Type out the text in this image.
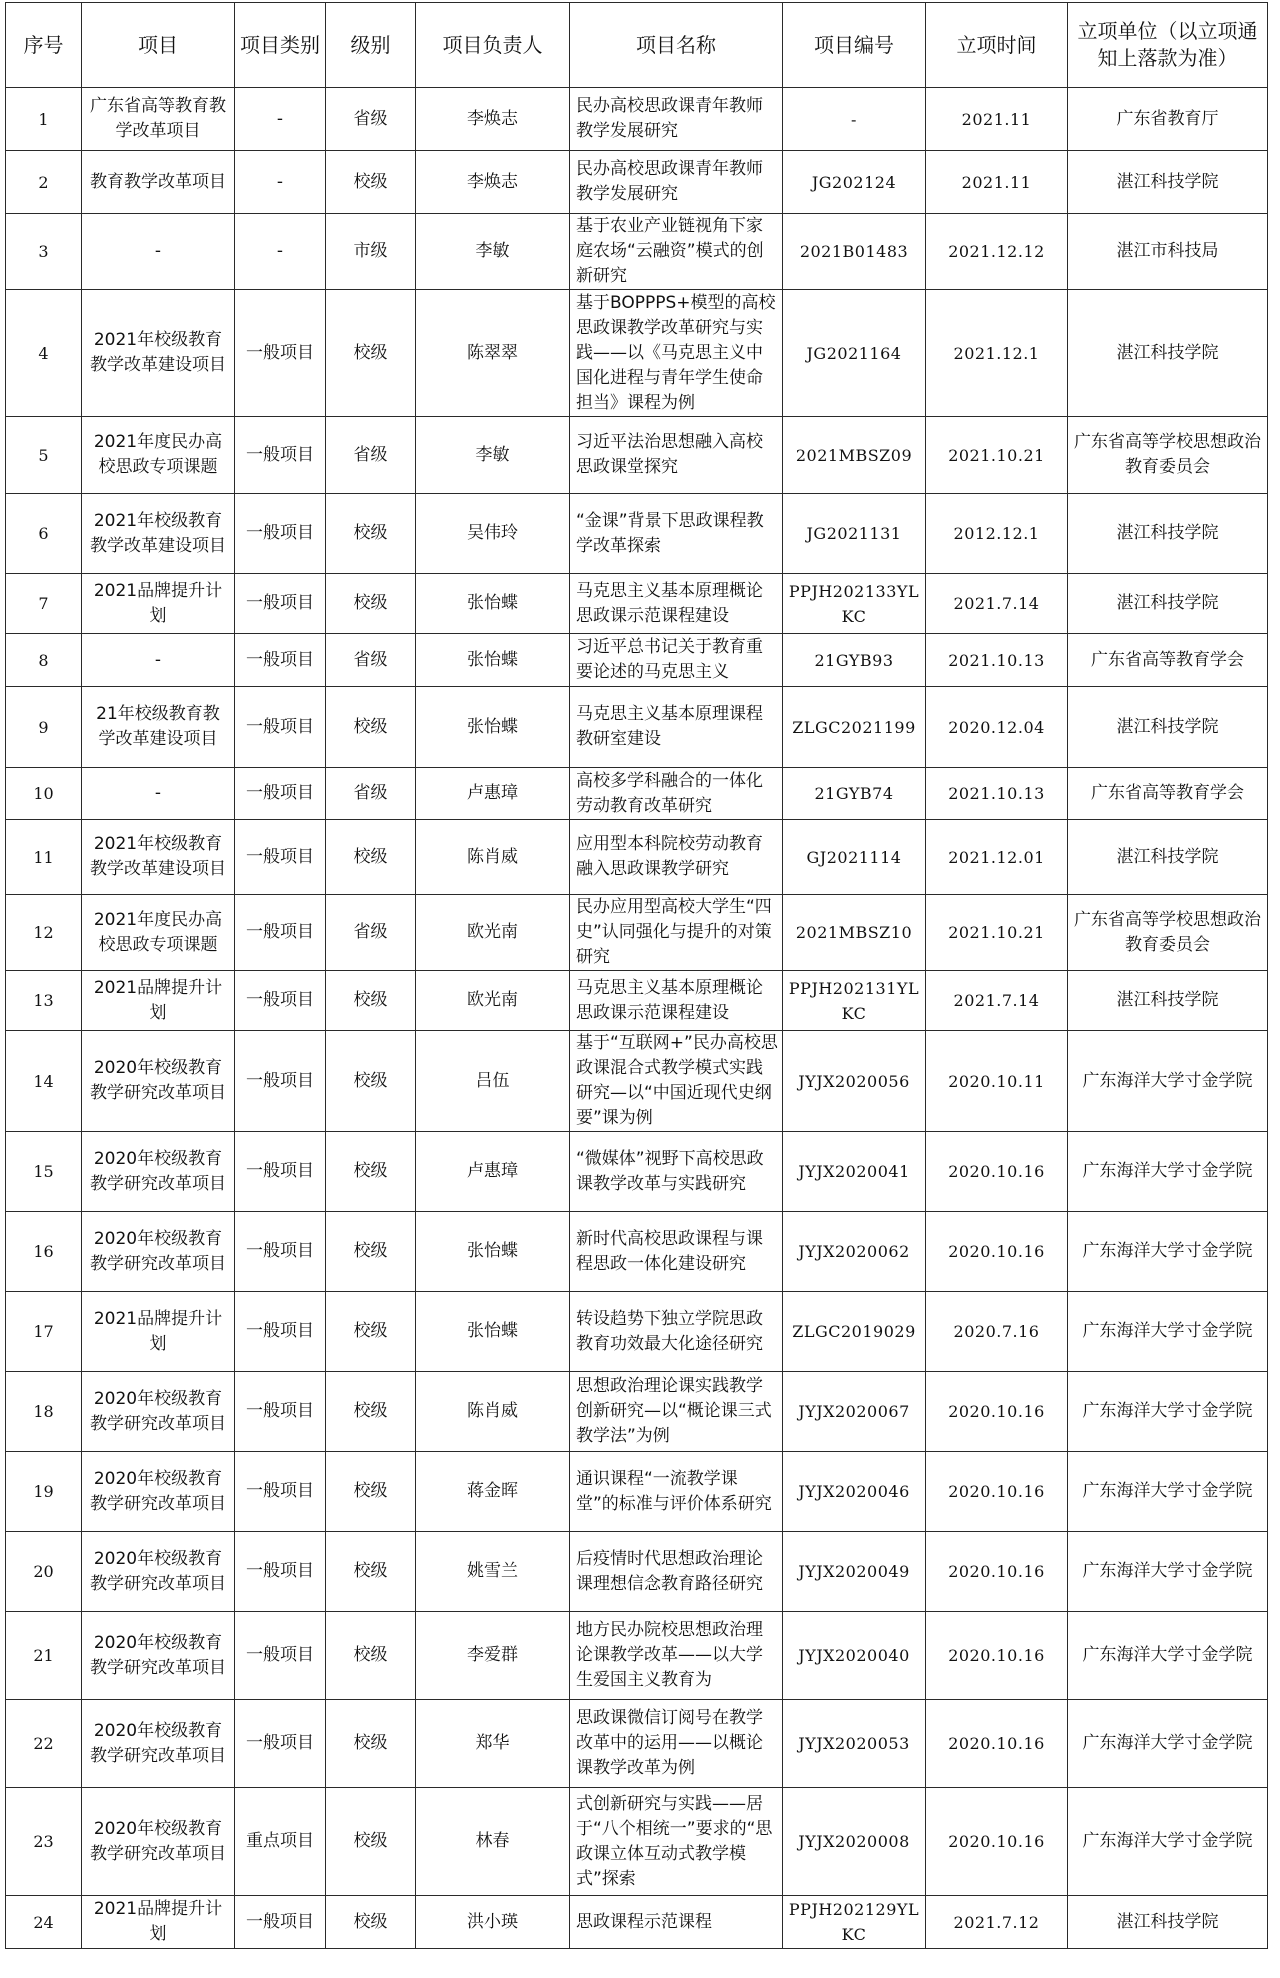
序号	项目	项目类别	级别	项目负责人	项目名称	项目编号	立项时间	立项单位（以立项通知上落款为准）
1	广东省高等教育教学改革项目	-	省级	李焕志	民办高校思政课青年教师教学发展研究	-	2021.11	广东省教育厅
2	教育教学改革项目	-	校级	李焕志	民办高校思政课青年教师教学发展研究	JG202124	2021.11	湛江科技学院
3	-	-	市级	李敏	基于农业产业链视角下家庭农场“云融资”模式的创新研究	2021B01483	2021.12.12	湛江市科技局
4	2021年校级教育教学改革建设项目	一般项目	校级	陈翠翠	基于BOPPPS+模型的高校思政课教学改革研究与实践——以《马克思主义中国化进程与青年学生使命担当》课程为例	JG2021164	2021.12.1	湛江科技学院
5	2021年度民办高校思政专项课题	一般项目	省级	李敏	习近平法治思想融入高校思政课堂探究	2021MBSZ09	2021.10.21	广东省高等学校思想政治教育委员会
6	2021年校级教育教学改革建设项目	一般项目	校级	吴伟玲	“金课”背景下思政课程教学改革探索	JG2021131	2012.12.1	湛江科技学院
7	2021品牌提升计划	一般项目	校级	张怡蝶	马克思主义基本原理概论思政课示范课程建设	PPJH202133YLKC	2021.7.14	湛江科技学院
8	-	一般项目	省级	张怡蝶	习近平总书记关于教育重要论述的马克思主义	21GYB93	2021.10.13	广东省高等教育学会
9	21年校级教育教学改革建设项目	一般项目	校级	张怡蝶	马克思主义基本原理课程教研室建设	ZLGC2021199	2020.12.04	湛江科技学院
10	-	一般项目	省级	卢惠璋	高校多学科融合的一体化劳动教育改革研究	21GYB74	2021.10.13	广东省高等教育学会
11	2021年校级教育教学改革建设项目	一般项目	校级	陈肖威	应用型本科院校劳动教育融入思政课教学研究	GJ2021114	2021.12.01	湛江科技学院
12	2021年度民办高校思政专项课题	一般项目	省级	欧光南	民办应用型高校大学生“四史”认同强化与提升的对策研究	2021MBSZ10	2021.10.21	广东省高等学校思想政治教育委员会
13	2021品牌提升计划	一般项目	校级	欧光南	马克思主义基本原理概论思政课示范课程建设	PPJH202131YLKC	2021.7.14	湛江科技学院
14	2020年校级教育教学研究改革项目	一般项目	校级	吕伍	基于“互联网+”民办高校思政课混合式教学模式实践研究—以“中国近现代史纲要”课为例	JYJX2020056	2020.10.11	广东海洋大学寸金学院
15	2020年校级教育教学研究改革项目	一般项目	校级	卢惠璋	“微媒体”视野下高校思政课教学改革与实践研究	JYJX2020041	2020.10.16	广东海洋大学寸金学院
16	2020年校级教育教学研究改革项目	一般项目	校级	张怡蝶	新时代高校思政课程与课程思政一体化建设研究	JYJX2020062	2020.10.16	广东海洋大学寸金学院
17	2021品牌提升计划	一般项目	校级	张怡蝶	转设趋势下独立学院思政教育功效最大化途径研究	ZLGC2019029	2020.7.16	广东海洋大学寸金学院
18	2020年校级教育教学研究改革项目	一般项目	校级	陈肖威	思想政治理论课实践教学创新研究—以“概论课三式教学法”为例	JYJX2020067	2020.10.16	广东海洋大学寸金学院
19	2020年校级教育教学研究改革项目	一般项目	校级	蒋金晖	通识课程“一流教学课堂”的标准与评价体系研究	JYJX2020046	2020.10.16	广东海洋大学寸金学院
20	2020年校级教育教学研究改革项目	一般项目	校级	姚雪兰	后疫情时代思想政治理论课理想信念教育路径研究	JYJX2020049	2020.10.16	广东海洋大学寸金学院
21	2020年校级教育教学研究改革项目	一般项目	校级	李爱群	地方民办院校思想政治理论课教学改革——以大学生爱国主义教育为	JYJX2020040	2020.10.16	广东海洋大学寸金学院
22	2020年校级教育教学研究改革项目	一般项目	校级	郑华	思政课微信订阅号在教学改革中的运用——以概论课教学改革为例	JYJX2020053	2020.10.16	广东海洋大学寸金学院
23	2020年校级教育教学研究改革项目	重点项目	校级	林春	式创新研究与实践——居于“八个相统一”要求的“思政课立体互动式教学模式”探索	JYJX2020008	2020.10.16	广东海洋大学寸金学院
24	2021品牌提升计划	一般项目	校级	洪小瑛	思政课程示范课程	PPJH202129YLKC	2021.7.12	湛江科技学院
